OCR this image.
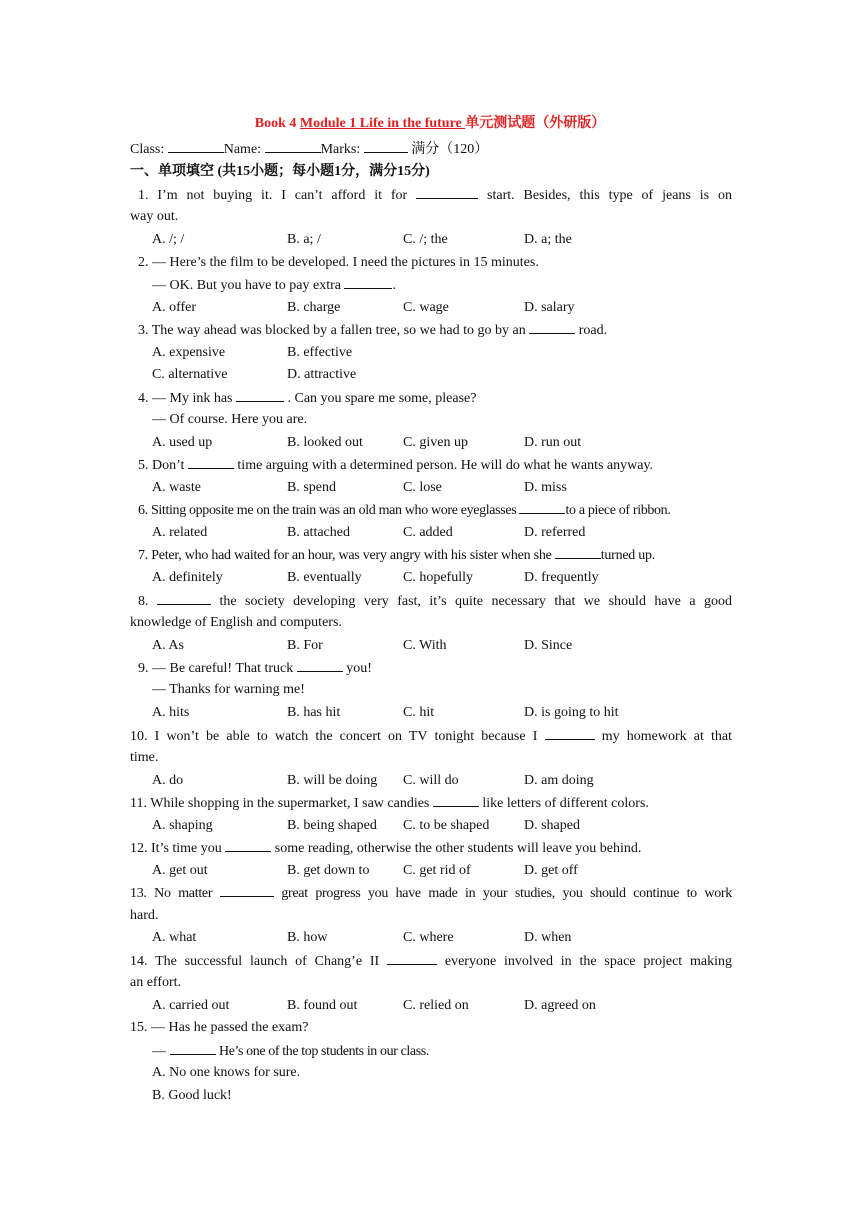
Book 4 Module 1 Life in the future 单元测试题（外研版）
Class:	Name:	Marks:	满分（120）
一、单项填空 (共15小题；每小题1分，满分15分)
1. I’m not buying it. I can’t afford it for	start. Besides, this type of jeans is on
way out.
A. /; /	B. a; /	C. /; the	D. a; the
2. — Here’s the film to be developed. I need the pictures in 15 minutes.
— OK. But you have to pay extra	.
A. offer	B. charge	C. wage	D. salary
3. The way ahead was blocked by a fallen tree, so we had to go by an	road.
A. expensive	B. effective
C. alternative	D. attractive
4. — My ink has	. Can you spare me some, please?
— Of course. Here you are.
A. used up	B. looked out	C. given up	D. run out
5. Don’t	time arguing with a determined person. He will do what he wants anyway.
A. waste	B. spend	C. lose	D. miss
6. Sitting opposite me on the train was an old man who wore eyeglasses	to a piece of ribbon.
A. related	B. attached	C. added	D. referred
7. Peter, who had waited for an hour, was very angry with his sister when she	turned up.
A. definitely	B. eventually	C. hopefully	D. frequently
8.	the society developing very fast, it’s quite necessary that we should have a good
knowledge of English and computers.
A. As	B. For	C. With	D. Since
9. — Be careful! That truck	you!
— Thanks for warning me!
A. hits	B. has hit	C. hit	D. is going to hit
10. I won’t be able to watch the concert on TV tonight because I	my homework at that
time.
A. do	B. will be doing C. will do	D. am doing
11. While shopping in the supermarket, I saw candies	like letters of different colors.
A. shaping	B. being shaped C. to be shaped D. shaped
12. It’s time you	some reading, otherwise the other students will leave you behind.
A. get out	B. get down to C. get rid of	D. get off
13. No matter	great progress you have made in your studies, you should continue to work
hard.
A. what	B. how	C. where	D. when
14. The successful launch of Chang’e II	everyone involved in the space project making
an effort.
A. carried out	B. found out	C. relied on	D. agreed on
15. — Has he passed the exam?
—	He’s one of the top students in our class.
A. No one knows for sure.
B. Good luck!
